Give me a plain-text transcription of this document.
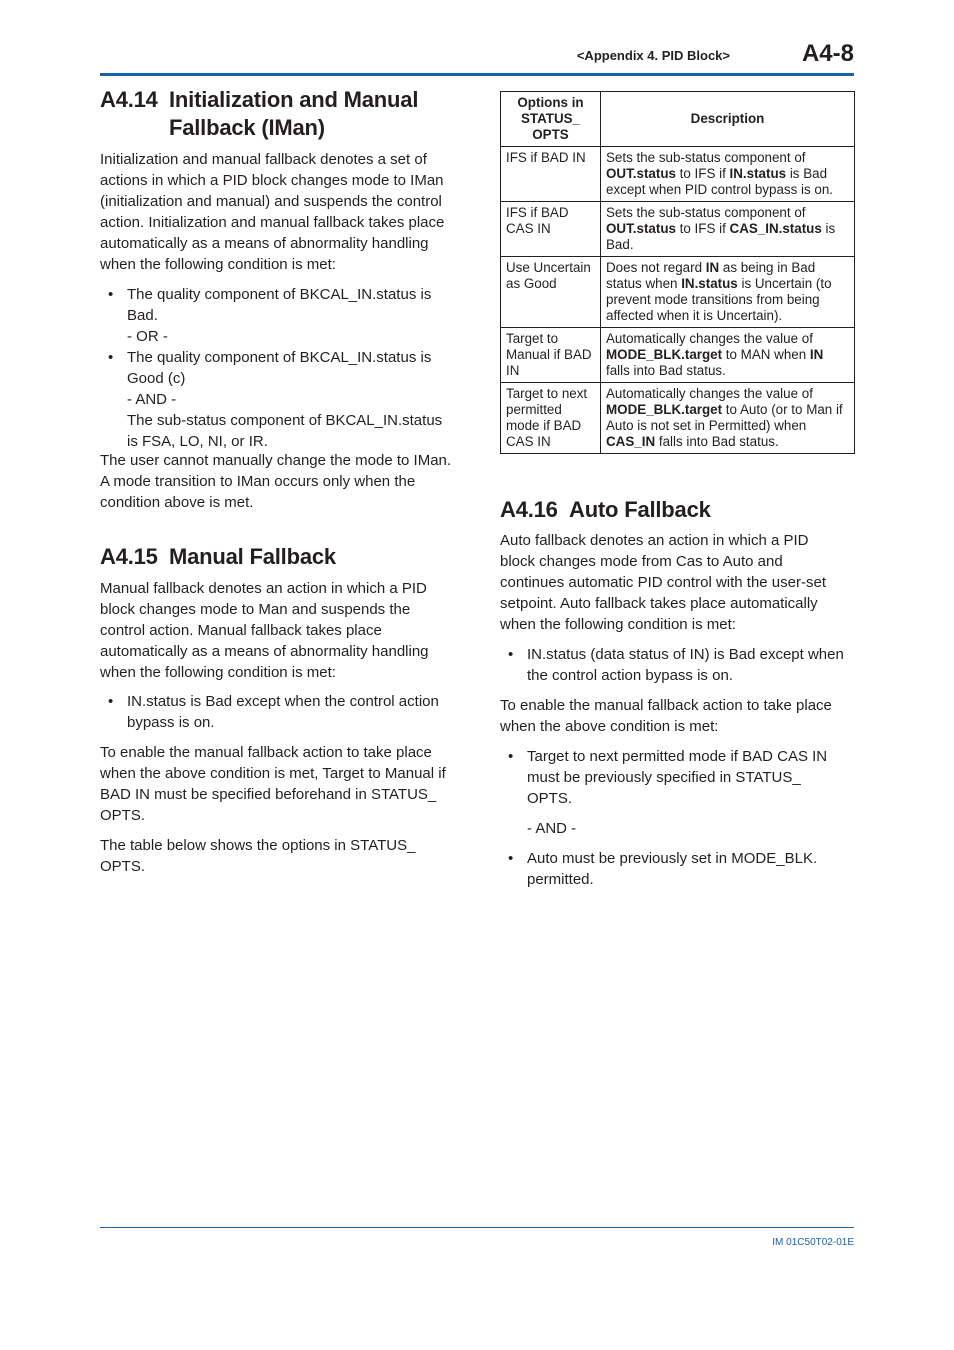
<Appendix 4. PID Block>	A4-8
A4.14 Initialization and Manual Fallback (IMan)

Initialization and manual fallback denotes a set of actions in which a PID block changes mode to IMan (initialization and manual) and suspends the control action. Initialization and manual fallback takes place automatically as a means of abnormality handling when the following condition is met:

• The quality component of BKCAL_IN.status is Bad.
- OR -
• The quality component of BKCAL_IN.status is Good (c)
- AND -
The sub-status component of BKCAL_IN.status is FSA, LO, NI, or IR.

The user cannot manually change the mode to IMan. A mode transition to IMan occurs only when the condition above is met.

A4.15 Manual Fallback

Manual fallback denotes an action in which a PID block changes mode to Man and suspends the control action. Manual fallback takes place automatically as a means of abnormality handling when the following condition is met:

• IN.status is Bad except when the control action bypass is on.

To enable the manual fallback action to take place when the above condition is met, Target to Manual if BAD IN must be specified beforehand in STATUS_ OPTS.

The table below shows the options in STATUS_ OPTS.

Options in STATUS_ OPTS	Description
IFS if BAD IN	Sets the sub-status component of OUT.status to IFS if IN.status is Bad except when PID control bypass is on.
IFS if BAD CAS IN	Sets the sub-status component of OUT.status to IFS if CAS_IN.status is Bad.
Use Uncertain as Good	Does not regard IN as being in Bad status when IN.status is Uncertain (to prevent mode transitions from being affected when it is Uncertain).
Target to Manual if BAD IN	Automatically changes the value of MODE_BLK.target to MAN when IN falls into Bad status.
Target to next permitted mode if BAD CAS IN	Automatically changes the value of MODE_BLK.target to Auto (or to Man if Auto is not set in Permitted) when CAS_IN falls into Bad status.
A4.16 Auto Fallback

Auto fallback denotes an action in which a PID block changes mode from Cas to Auto and continues automatic PID control with the user-set setpoint. Auto fallback takes place automatically when the following condition is met:

• IN.status (data status of IN) is Bad except when the control action bypass is on.

To enable the manual fallback action to take place when the above condition is met:

• Target to next permitted mode if BAD CAS IN must be previously specified in STATUS_ OPTS.

- AND -

• Auto must be previously set in MODE_BLK. permitted.
IM 01C50T02-01E
